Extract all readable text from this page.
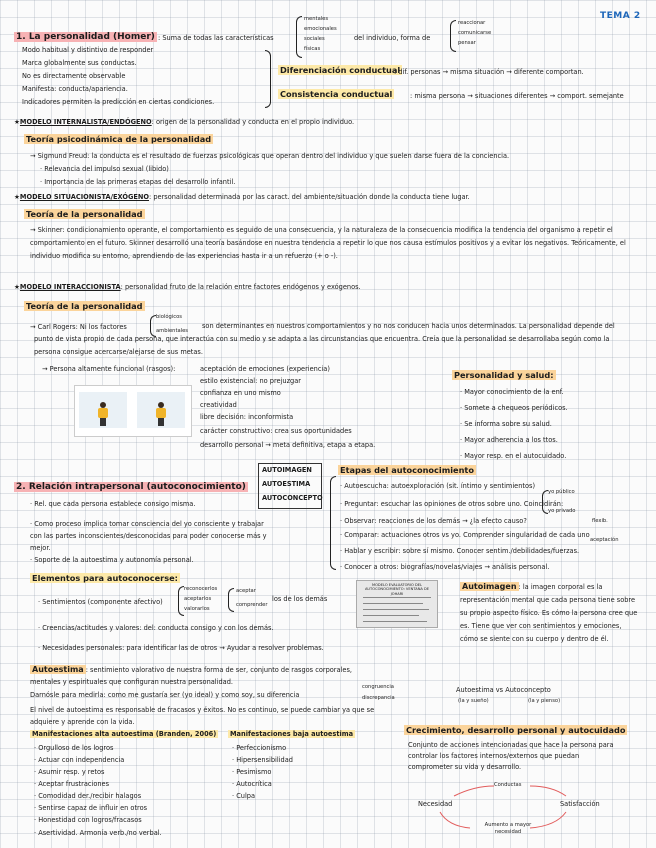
TEMA 2
1. La personalidad (Homer) : Suma de todas las características
mentales
emocionales
sociales
físicas
del individuo, forma de
reaccionar
comunicarse
pensar
Modo habitual y distintivo de responder
Marca globalmente sus conductas.
No es directamente observable
Manifesta: conducta/apariencia.
Indicadores permiten la predicción en ciertas condiciones.
Diferenciación conductual
: dif. personas → misma situación → diferente comportan.
Consistencia conductual	: misma persona → situaciones diferentes → comport. semejante
★MODELO INTERNALISTA/ENDÓGENO: origen de la personalidad y conducta en el propio individuo.
Teoría psicodinámica de la personalidad
→ Sigmund Freud: la conducta es el resultado de fuerzas psicológicas que operan dentro del individuo y que suelen darse fuera de la conciencia.
· Relevancia del impulso sexual (libido)
· Importancia de las primeras etapas del desarrollo infantil.
★MODELO SITUACIONISTA/EXÓGENO: personalidad determinada por las caract. del ambiente/situación donde la conducta tiene lugar.
Teoría de la personalidad
→ Skinner: condicionamiento operante, el comportamiento es seguido de una consecuencia, y la naturaleza de la consecuencia modifica la tendencia del organismo a repetir el comportamiento en el futuro. Skinner desarrolló una teoría basándose en nuestra tendencia a repetir lo que nos causa estímulos positivos y a evitar los negativos. Teóricamente, el individuo modifica su entorno, aprendiendo de las experiencias hasta ir a un refuerzo (+ o -).
★MODELO INTERACCIONISTA: personalidad fruto de la relación entre factores endógenos y exógenos.
Teoría de la personalidad
→ Carl Rogers: Ni los factores
biológicos
ambientales
son determinantes en nuestros comportamientos y no nos conducen hacia unos determinados. La personalidad depende del punto de vista propio de cada persona, que interactúa con su medio y se adapta a las circunstancias que encuentra. Creía que la personalidad se desarrollaba según como la persona consigue acercarse/alejarse de sus metas.
→ Persona altamente funcional (rasgos):	aceptación de emociones (experiencia)
estilo existencial: no prejuzgar
confianza en uno mismo
creatividad
libre decisión: inconformista
carácter constructivo: crea sus oportunidades
desarrollo personal → meta definitiva, etapa a etapa.
Personalidad y salud:
· Mayor conocimiento de la enf.
· Somete a chequeos periódicos.
· Se informa sobre su salud.
· Mayor adherencia a los ttos.
· Mayor resp. en el autocuidado.
2. Relación intrapersonal (autoconocimiento)
AUTOIMAGEN
AUTOESTIMA
AUTOCONCEPTO
· Rel. que cada persona establece consigo misma.
· Como proceso implica tomar consciencia del yo consciente y trabajar con las partes inconscientes/desconocidas para poder conocerse más y mejor.
· Soporte de la autoestima y autonomía personal.
Etapas del autoconocimiento
· Autoescucha: autoexploración (sit. íntimo y sentimientos)
· Preguntar: escuchar las opiniones de otros sobre uno. Coincidirán:
· Observar: reacciones de los demás → ¿la efecto causo?
· Comparar: actuaciones otros vs yo. Comprender singularidad de cada uno
· Hablar y escribir: sobre sí mismo. Conocer sentim./debilidades/fuerzas.
· Conocer a otros: biografías/novelas/viajes → análisis personal.
yo público
yo privado
flexib.
aceptación
Elementos para autoconocerse:
· Sentimientos (componente afectivo)
reconocerlos
aceptarlos
valorarlos
aceptar
comprender
los de los demás
· Creencias/actitudes y valores: del: conducta consigo y con los demás.
· Necesidades personales: para identificar las de otros → Ayudar a resolver problemas.
MODELO EVALUATORIO DEL AUTOCONOCIMIENTO: VENTANA DE JOHARI
Autoimagen : la imagen corporal es la representación mental que cada persona tiene sobre su propio aspecto físico. Es cómo la persona cree que es. Tiene que ver con sentimientos y emociones, cómo se siente con su cuerpo y dentro de él.
Autoestima : sentimiento valorativo de nuestra forma de ser, conjunto de rasgos corporales, mentales y espirituales que configuran nuestra personalidad.
Darnósle para medirla: como me gustaría ser (yo ideal) y como soy, su diferencia
congruencia
discrepancia
El nivel de autoestima es responsable de fracasos y éxitos. No es continuo, se puede cambiar ya que se adquiere y aprende con la vida.
Manifestaciones alta autoestima (Branden, 2006)	Manifestaciones baja autoestima
· Orgulloso de los logros
· Actuar con independencia
· Asumir resp. y retos
· Aceptar frustraciones
· Comodidad der./recibir halagos
· Sentirse capaz de influir en otros
· Honestidad con logros/fracasos
· Asertividad. Armonía verb./no verbal.
· Perfeccionismo
· Hipersensibilidad
· Pesimismo
· Autocrítica
· Culpa
Autoestima vs Autoconcepto
(la y sueño)	(la y pienso)
Crecimiento, desarrollo personal y autocuidado
Conjunto de acciones intencionadas que hace la persona para controlar los factores internos/externos que puedan comprometer su vida y desarrollo.
Conductas
Necesidad	Satisfacción
Aumento a mayor necesidad
